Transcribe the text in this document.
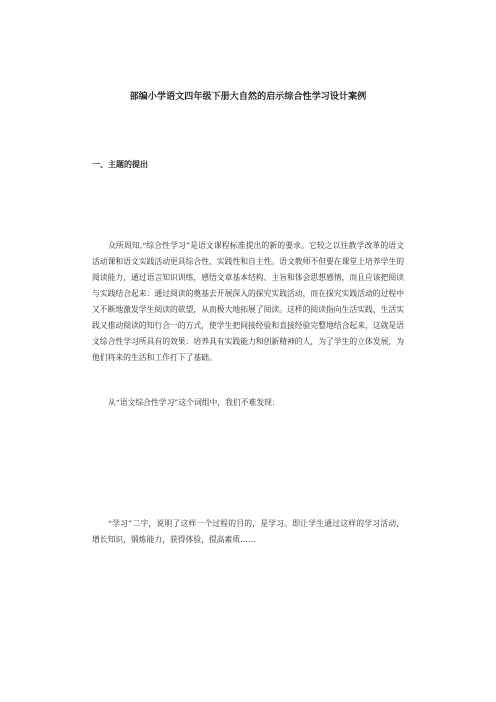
部编小学语文四年级下册大自然的启示综合性学习设计案例
一、主题的提出

众所周知,“综合性学习”是语文课程标准提出的新的要求。它较之以往教学改革的语文活动课和语文实践活动更具综合性、实践性和自主性。语文教师不但要在课堂上培养学生的阅读能力，通过语言知识训练，感悟文章基本结构、主旨和体会思想感情，而且应该把阅读与实践结合起来：通过阅读的奠基去开展深入的探究实践活动，而在探究实践活动的过程中又不断地激发学生阅读的欲望，从而极大地拓展了阅读。这样的阅读指向生活实践、生活实践又推动阅读的知行合一的方式，使学生把间接经验和直接经验完整地结合起来，这就是语文综合性学习所具有的效果：培养具有实践能力和创新精神的人，为了学生的立体发展，为他们将来的生活和工作打下了基础。

从“语文综合性学习”这个词组中，我们不难发现：

“学习”二字，说明了这样一个过程的目的，是学习。即让学生通过这样的学习活动，增长知识，锻炼能力，获得体验，提高素质……
